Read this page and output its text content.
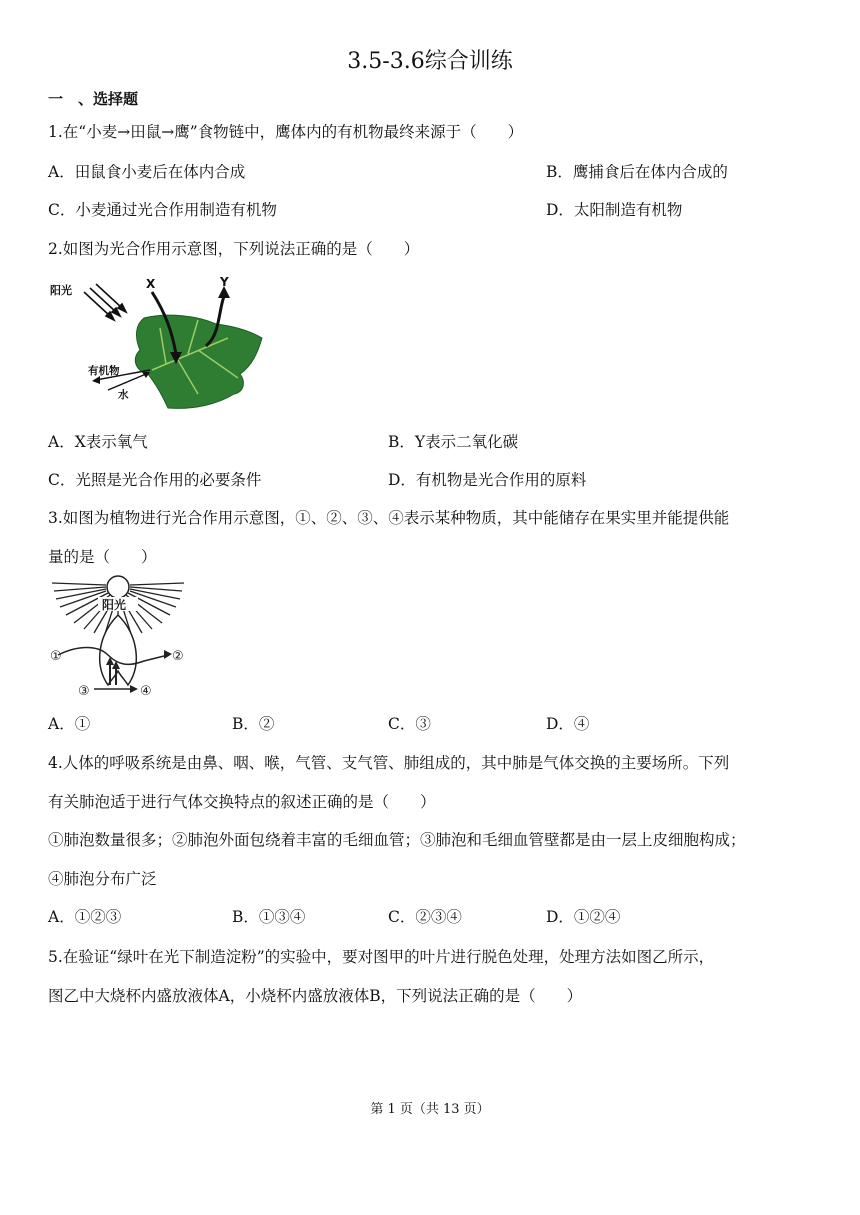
3.5-3.6综合训练
一　、选择题
1.在“小麦→田鼠→鹰”食物链中，鹰体内的有机物最终来源于（　　）
A．田鼠食小麦后在体内合成	B．鹰捕食后在体内合成的
C．小麦通过光合作用制造有机物	D．太阳制造有机物
2.如图为光合作用示意图，下列说法正确的是（　　）
阳光	X	Y
有机物
水
A．X表示氧气	B．Y表示二氧化碳
C．光照是光合作用的必要条件	D．有机物是光合作用的原料
3.如图为植物进行光合作用示意图，①、②、③、④表示某种物质，其中能储存在果实里并能提供能
量的是（　　）
阳光
①	②
③	④
A．①	B．②	C．③	D．④
4.人体的呼吸系统是由鼻、咽、喉，气管、支气管、肺组成的，其中肺是气体交换的主要场所。下列
有关肺泡适于进行气体交换特点的叙述正确的是（　　）
①肺泡数量很多；②肺泡外面包绕着丰富的毛细血管；③肺泡和毛细血管壁都是由一层上皮细胞构成；
④肺泡分布广泛
A．①②③	B．①③④	C．②③④	D．①②④
5.在验证“绿叶在光下制造淀粉”的实验中，要对图甲的叶片进行脱色处理，处理方法如图乙所示，
图乙中大烧杯内盛放液体A，小烧杯内盛放液体B，下列说法正确的是（　　）
第 1 页（共 13 页）
